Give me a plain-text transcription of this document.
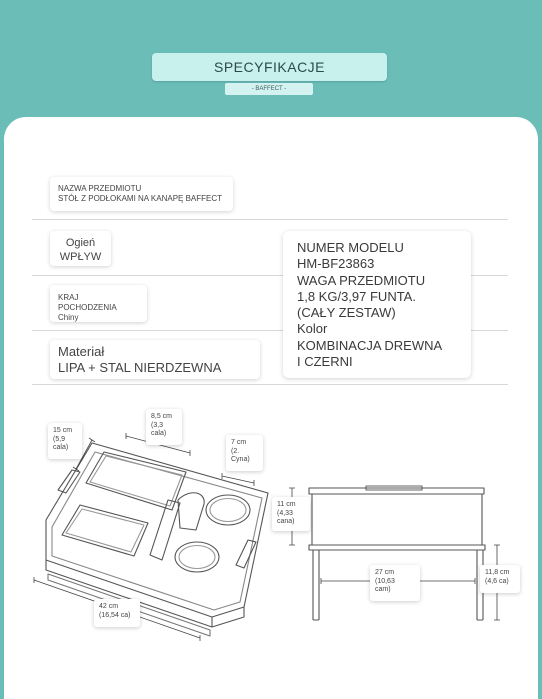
SPECYFIKACJE
- BAFFECT -
NAZWA PRZEDMIOTU
STÓŁ Z PODŁOKAMI NA KANAPĘ BAFFECT
Ogień
WPŁYW
KRAJ POCHODZENIA
Chiny
Materiał
LIPA + STAL NIERDZEWNA
NUMER MODELU
HM-BF23863
WAGA PRZEDMIOTU
1,8 KG/3,97 FUNTA.
(CAŁY ZESTAW)
Kolor
KOMBINACJA DREWNA
I CZERNI
15 cm
(5,9
cala)
8,5 cm
(3,3
cala)
7 cm
(2.
Cyna)
42 cm
(16,54 ca)
11 cm
(4,33
cana)
27 cm
(10,63
cam)
11,8 cm
(4,6 ca)
